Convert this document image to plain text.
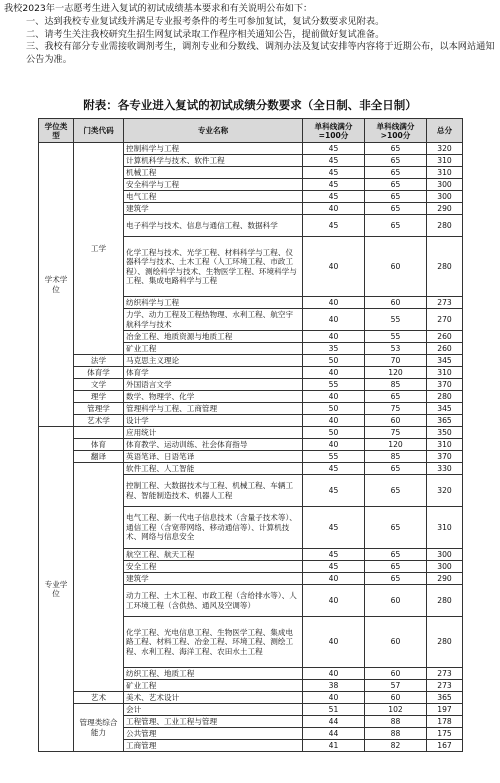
我校2023年一志愿考生进入复试的初试成绩基本要求和有关说明公布如下：

一、达到我校专业复试线并满足专业报考条件的考生可参加复试，复试分数要求见附表。

二、请考生关注我校研究生招生网复试录取工作程序相关通知公告，提前做好复试准备。

三、我校有部分专业需接收调剂考生，调剂专业和分数线、调剂办法及复试安排等内容将于近期公布，以本网站通知公告为准。

附表：各专业进入复试的初试成绩分数要求（全日制、非全日制）
学位类型	门类代码	专业名称	单科线满分=100分	单科线满分>100分	总分
学术学位	工学	控制科学与工程	45	65	320
		计算机科学与技术、软件工程	45	65	310
		机械工程	45	65	310
		安全科学与工程	45	65	300
		电气工程	45	65	300
		建筑学	40	65	290
		电子科学与技术、信息与通信工程、数据科学	45	65	280
		化学工程与技术、光学工程、材料科学与工程、仪器科学与技术、土木工程（人工环境工程、市政工程）、测绘科学与技术、生物医学工程、环境科学与工程、集成电路科学与工程	40	60	280
		纺织科学与工程	40	60	273
		力学、动力工程及工程热物理、水利工程、航空宇航科学与技术	40	55	270
		冶金工程、地质资源与地质工程	40	55	260
		矿业工程	35	53	260
	法学	马克思主义理论	50	70	345
	体育学	体育学	40	120	310
	文学	外国语言文学	55	85	370
	理学	数学、物理学、化学	40	65	280
	管理学	管理科学与工程、工商管理	50	75	345
	艺术学	设计学	40	60	365
专业学位		应用统计	50	75	350
	体育	体育教学、运动训练、社会体育指导	40	120	310
	翻译	英语笔译、日语笔译	55	85	370
		软件工程、人工智能	45	65	330
		控制工程、大数据技术与工程、机械工程、车辆工程、智能制造技术、机器人工程	45	65	320
		电气工程、新一代电子信息技术（含量子技术等）、通信工程（含宽带网络、移动通信等）、计算机技术、网络与信息安全	45	65	310
		航空工程、航天工程	45	65	300
		安全工程	45	65	300
		建筑学	40	65	290
		动力工程、土木工程、市政工程（含给排水等）、人工环境工程（含供热、通风及空调等）	40	60	280
		化学工程、光电信息工程、生物医学工程、集成电路工程、材料工程、冶金工程、环境工程、测绘工程、水利工程、海洋工程、农田水土工程	40	60	280
		纺织工程、地质工程	40	60	273
		矿业工程	38	57	273
	艺术	美术、艺术设计	40	60	365
	管理类综合能力	会计	51	102	197
		工程管理、工业工程与管理	44	88	178
		公共管理	44	88	175
		工商管理	41	82	167
